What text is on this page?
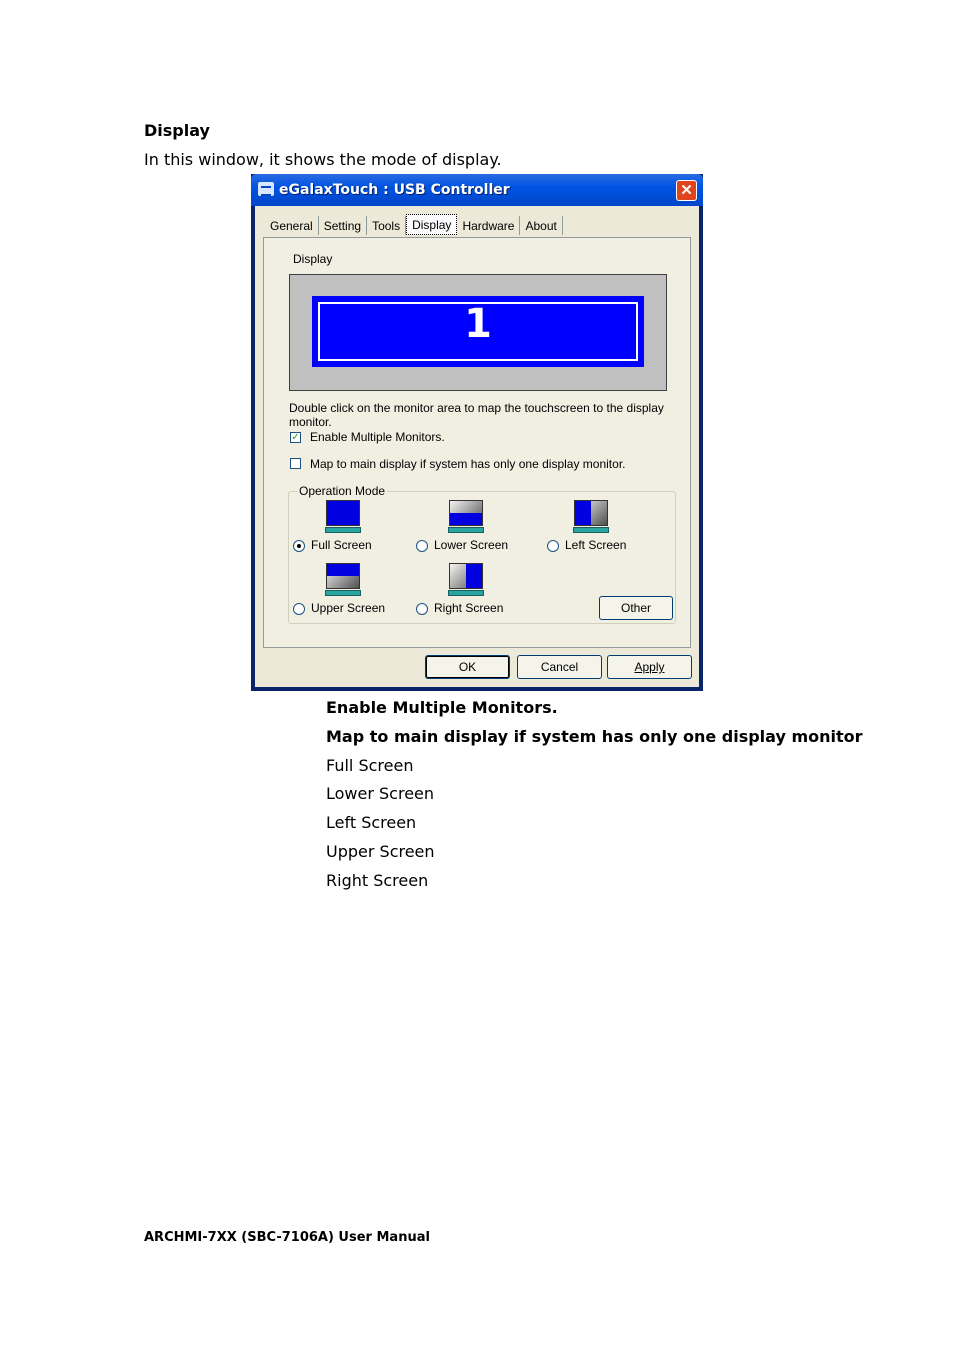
Display
In this window, it shows the mode of display.
eGalaxTouch : USB Controller	✕
General Setting Tools	Display Hardware About
Display
1
Double click on the monitor area to map the touchscreen to the display monitor.
✓ Enable Multiple Monitors.
Map to main display if system has only one display monitor.
Operation Mode
Full Screen	Lower Screen	Left Screen
Upper Screen	Right Screen	Other
OK	Cancel	Apply
Enable Multiple Monitors.
Map to main display if system has only one display monitor
Full Screen
Lower Screen
Left Screen
Upper Screen
Right Screen
ARCHMI-7XX (SBC-7106A) User Manual
